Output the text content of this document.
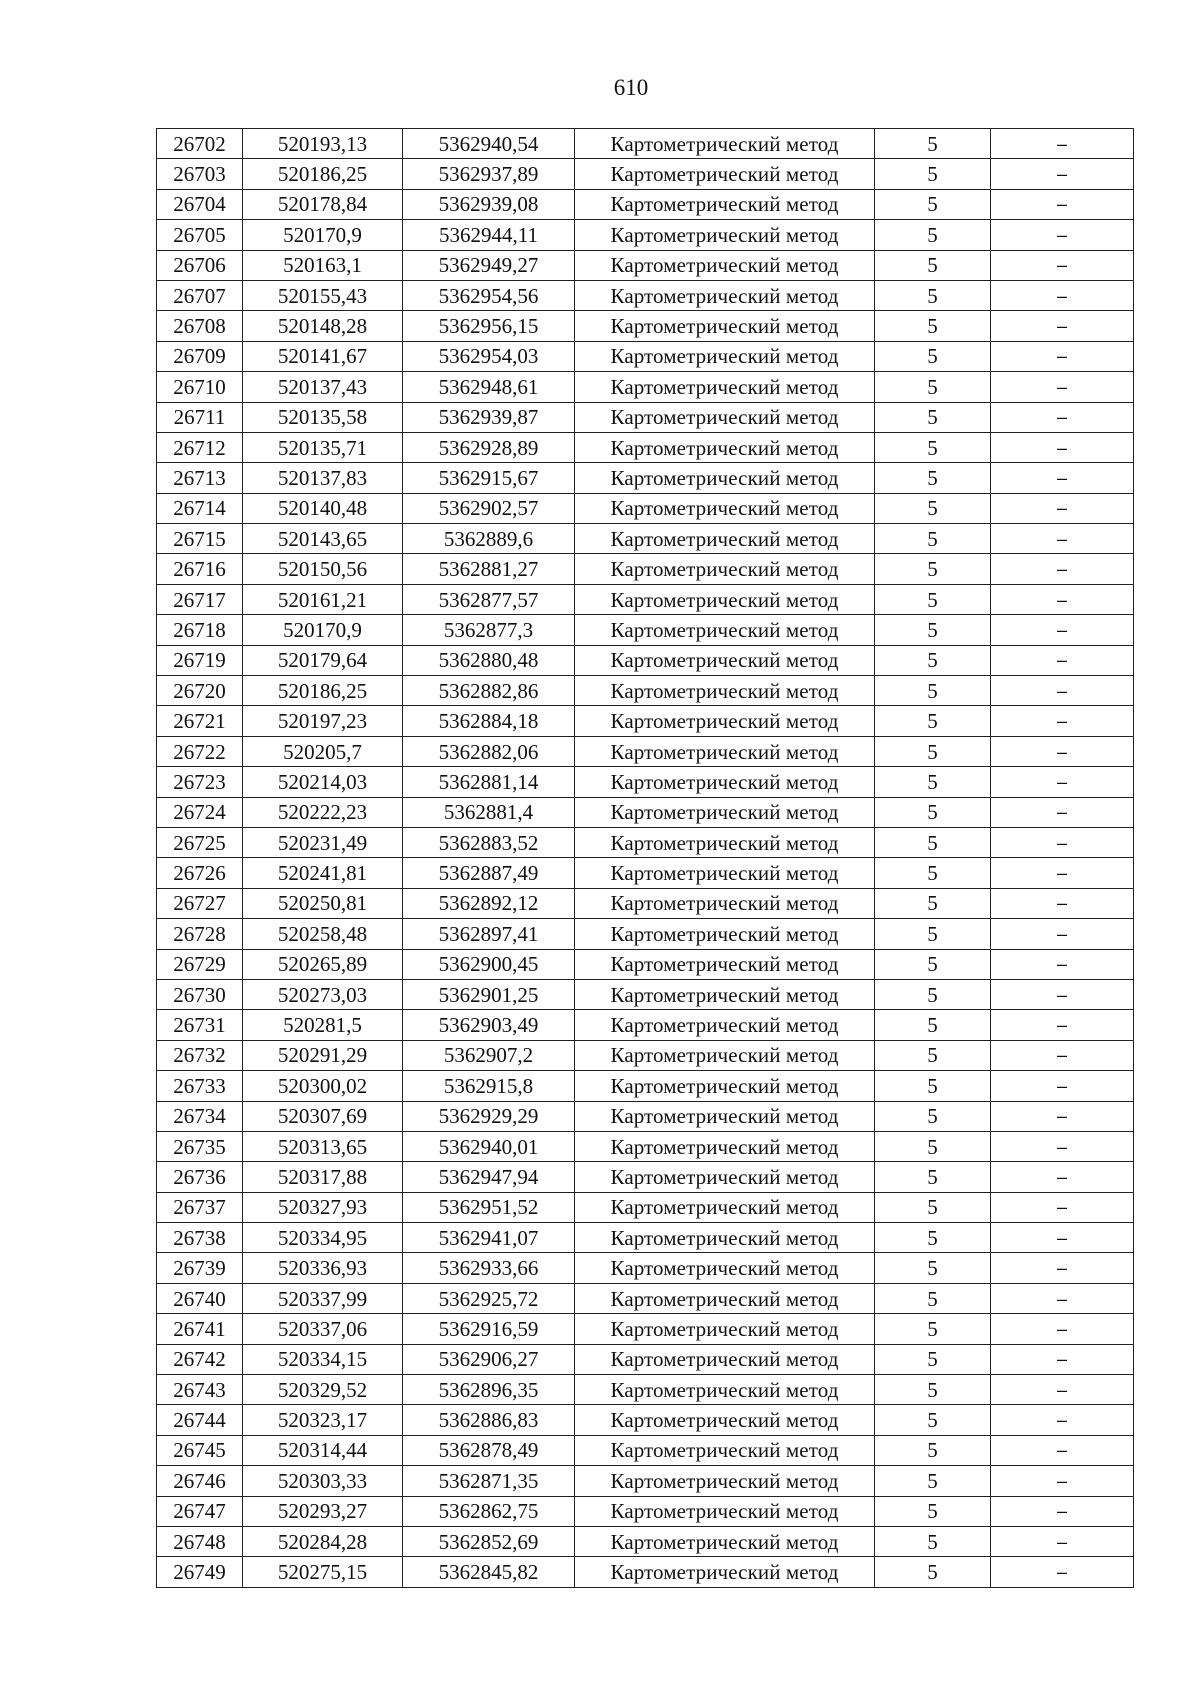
610
26702	520193,13	5362940,54	Картометрический метод	5	–
26703	520186,25	5362937,89	Картометрический метод	5	–
26704	520178,84	5362939,08	Картометрический метод	5	–
26705	520170,9	5362944,11	Картометрический метод	5	–
26706	520163,1	5362949,27	Картометрический метод	5	–
26707	520155,43	5362954,56	Картометрический метод	5	–
26708	520148,28	5362956,15	Картометрический метод	5	–
26709	520141,67	5362954,03	Картометрический метод	5	–
26710	520137,43	5362948,61	Картометрический метод	5	–
26711	520135,58	5362939,87	Картометрический метод	5	–
26712	520135,71	5362928,89	Картометрический метод	5	–
26713	520137,83	5362915,67	Картометрический метод	5	–
26714	520140,48	5362902,57	Картометрический метод	5	–
26715	520143,65	5362889,6	Картометрический метод	5	–
26716	520150,56	5362881,27	Картометрический метод	5	–
26717	520161,21	5362877,57	Картометрический метод	5	–
26718	520170,9	5362877,3	Картометрический метод	5	–
26719	520179,64	5362880,48	Картометрический метод	5	–
26720	520186,25	5362882,86	Картометрический метод	5	–
26721	520197,23	5362884,18	Картометрический метод	5	–
26722	520205,7	5362882,06	Картометрический метод	5	–
26723	520214,03	5362881,14	Картометрический метод	5	–
26724	520222,23	5362881,4	Картометрический метод	5	–
26725	520231,49	5362883,52	Картометрический метод	5	–
26726	520241,81	5362887,49	Картометрический метод	5	–
26727	520250,81	5362892,12	Картометрический метод	5	–
26728	520258,48	5362897,41	Картометрический метод	5	–
26729	520265,89	5362900,45	Картометрический метод	5	–
26730	520273,03	5362901,25	Картометрический метод	5	–
26731	520281,5	5362903,49	Картометрический метод	5	–
26732	520291,29	5362907,2	Картометрический метод	5	–
26733	520300,02	5362915,8	Картометрический метод	5	–
26734	520307,69	5362929,29	Картометрический метод	5	–
26735	520313,65	5362940,01	Картометрический метод	5	–
26736	520317,88	5362947,94	Картометрический метод	5	–
26737	520327,93	5362951,52	Картометрический метод	5	–
26738	520334,95	5362941,07	Картометрический метод	5	–
26739	520336,93	5362933,66	Картометрический метод	5	–
26740	520337,99	5362925,72	Картометрический метод	5	–
26741	520337,06	5362916,59	Картометрический метод	5	–
26742	520334,15	5362906,27	Картометрический метод	5	–
26743	520329,52	5362896,35	Картометрический метод	5	–
26744	520323,17	5362886,83	Картометрический метод	5	–
26745	520314,44	5362878,49	Картометрический метод	5	–
26746	520303,33	5362871,35	Картометрический метод	5	–
26747	520293,27	5362862,75	Картометрический метод	5	–
26748	520284,28	5362852,69	Картометрический метод	5	–
26749	520275,15	5362845,82	Картометрический метод	5	–
